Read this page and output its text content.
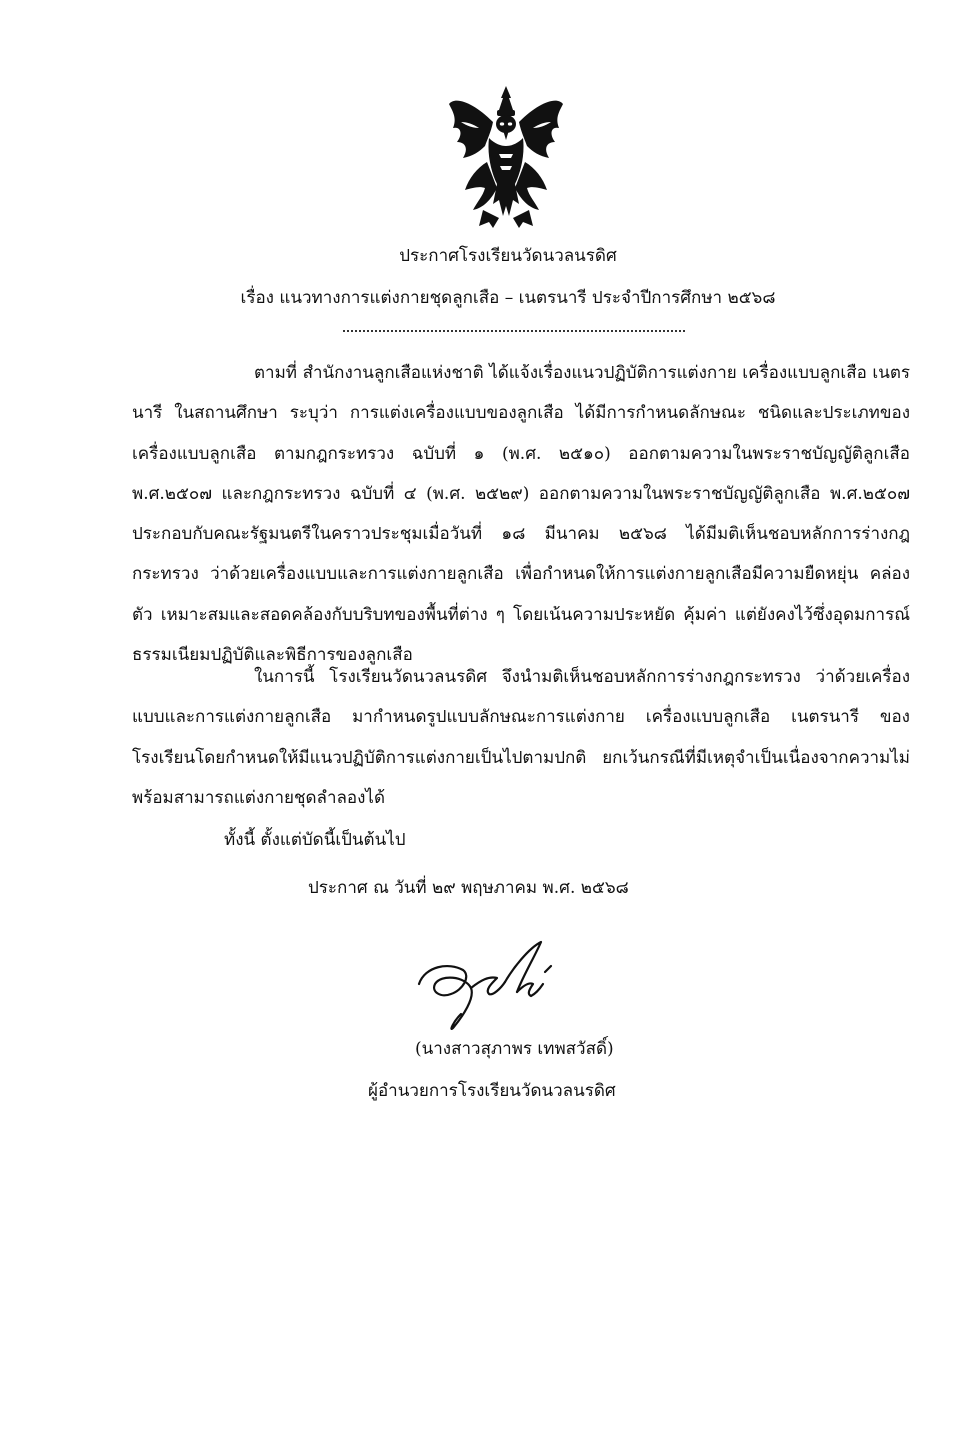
ประกาศโรงเรียนวัดนวลนรดิศ
เรื่อง แนวทางการแต่งกายชุดลูกเสือ – เนตรนารี ประจำปีการศึกษา ๒๕๖๘
ตามที่ สำนักงานลูกเสือแห่งชาติ ได้แจ้งเรื่องแนวปฏิบัติการแต่งกาย เครื่องแบบลูกเสือ เนตรนารี ในสถานศึกษา ระบุว่า การแต่งเครื่องแบบของลูกเสือ ได้มีการกำหนดลักษณะ ชนิดและประเภทของเครื่องแบบลูกเสือ ตามกฎกระทรวง ฉบับที่ ๑ (พ.ศ. ๒๕๑๐) ออกตามความในพระราชบัญญัติลูกเสือ พ.ศ.๒๕๐๗ และกฎกระทรวง ฉบับที่ ๔ (พ.ศ. ๒๕๒๙) ออกตามความในพระราชบัญญัติลูกเสือ พ.ศ.๒๕๐๗ ประกอบกับคณะรัฐมนตรีในคราวประชุมเมื่อวันที่ ๑๘ มีนาคม ๒๕๖๘ ได้มีมติเห็นชอบหลักการร่างกฎกระทรวง ว่าด้วยเครื่องแบบและการแต่งกายลูกเสือ เพื่อกำหนดให้การแต่งกายลูกเสือมีความยืดหยุ่น คล่องตัว เหมาะสมและสอดคล้องกับบริบทของพื้นที่ต่าง ๆ โดยเน้นความประหยัด คุ้มค่า แต่ยังคงไว้ซึ่งอุดมการณ์ธรรมเนียมปฏิบัติและพิธีการของลูกเสือ
ในการนี้ โรงเรียนวัดนวลนรดิศ จึงนำมติเห็นชอบหลักการร่างกฎกระทรวง ว่าด้วยเครื่องแบบและการแต่งกายลูกเสือ มากำหนดรูปแบบลักษณะการแต่งกาย เครื่องแบบลูกเสือ เนตรนารี ของโรงเรียนโดยกำหนดให้มีแนวปฏิบัติการแต่งกายเป็นไปตามปกติ ยกเว้นกรณีที่มีเหตุจำเป็นเนื่องจากความไม่พร้อมสามารถแต่งกายชุดลำลองได้
ทั้งนี้ ตั้งแต่บัดนี้เป็นต้นไป
ประกาศ ณ วันที่ ๒๙ พฤษภาคม พ.ศ. ๒๕๖๘
(นางสาวสุภาพร เทพสวัสดิ์)
ผู้อำนวยการโรงเรียนวัดนวลนรดิศ
